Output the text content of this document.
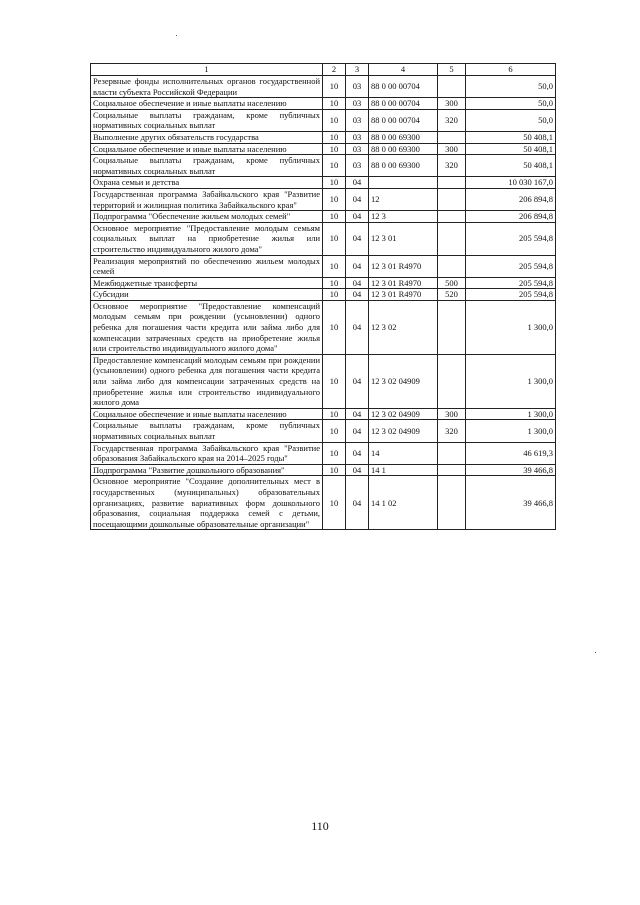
1	2	3	4	5	6
Резервные фонды исполнительных органов государственной власти субъекта Российской Федерации	10	03	88 0 00 00704		50,0
Социальное обеспечение и иные выплаты населению	10	03	88 0 00 00704	300	50,0
Социальные выплаты гражданам, кроме публичных нормативных социальных выплат	10	03	88 0 00 00704	320	50,0
Выполнение других обязательств государства	10	03	88 0 00 69300		50 408,1
Социальное обеспечение и иные выплаты населению	10	03	88 0 00 69300	300	50 408,1
Социальные выплаты гражданам, кроме публичных нормативных социальных выплат	10	03	88 0 00 69300	320	50 408,1
Охрана семьи и детства	10	04			10 030 167,0
Государственная программа Забайкальского края "Развитие территорий и жилищная политика Забайкальского края"	10	04	12		206 894,8
Подпрограмма "Обеспечение жильем молодых семей"	10	04	12 3		206 894,8
Основное мероприятие "Предоставление молодым семьям социальных выплат на приобретение жилья или строительство индивидуального жилого дома"	10	04	12 3 01		205 594,8
Реализация мероприятий по обеспечению жильем молодых семей	10	04	12 3 01 R4970		205 594,8
Межбюджетные трансферты	10	04	12 3 01 R4970	500	205 594,8
Субсидии	10	04	12 3 01 R4970	520	205 594,8
Основное мероприятие "Предоставление компенсаций молодым семьям при рождении (усыновлении) одного ребенка для погашения части кредита или займа либо для компенсации затраченных средств на приобретение жилья или строительство индивидуального жилого дома"	10	04	12 3 02		1 300,0
Предоставление компенсаций молодым семьям при рождении (усыновлении) одного ребенка для погашения части кредита или займа либо для компенсации затраченных средств на приобретение жилья или строительство индивидуального жилого дома	10	04	12 3 02 04909		1 300,0
Социальное обеспечение и иные выплаты населению	10	04	12 3 02 04909	300	1 300,0
Социальные выплаты гражданам, кроме публичных нормативных социальных выплат	10	04	12 3 02 04909	320	1 300,0
Государственная программа Забайкальского края "Развитие образования Забайкальского края на 2014–2025 годы"	10	04	14		46 619,3
Подпрограмма "Развитие дошкольного образования"	10	04	14 1		39 466,8
Основное мероприятие "Создание дополнительных мест в государственных (муниципальных) образовательных организациях, развитие вариативных форм дошкольного образования, социальная поддержка семей с детьми, посещающими дошкольные образовательные организации"	10	04	14 1 02		39 466,8
110
